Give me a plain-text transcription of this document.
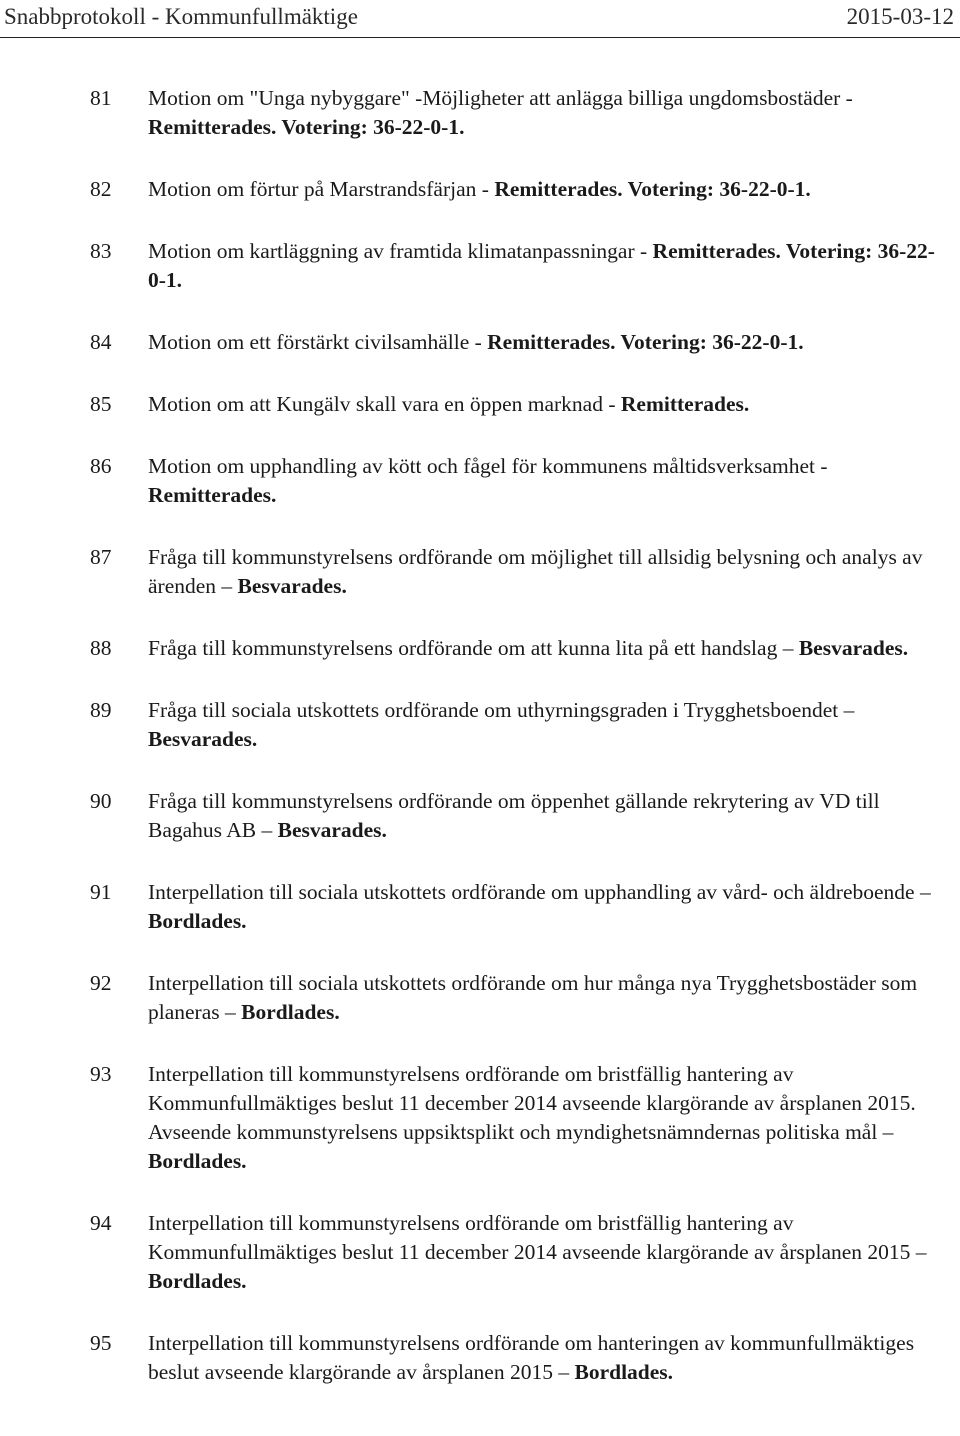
Snabbprotokoll - Kommunfullmäktige	2015-03-12
81 Motion om "Unga nybyggare" -Möjligheter att anlägga billiga ungdomsbostäder - Remitterades. Votering: 36-22-0-1.
82 Motion om förtur på Marstrandsfärjan - Remitterades. Votering: 36-22-0-1.
83 Motion om kartläggning av framtida klimatanpassningar - Remitterades. Votering: 36-22-0-1.
84 Motion om ett förstärkt civilsamhälle - Remitterades. Votering: 36-22-0-1.
85 Motion om att Kungälv skall vara en öppen marknad - Remitterades.
86 Motion om upphandling av kött och fågel för kommunens måltidsverksamhet - Remitterades.
87 Fråga till kommunstyrelsens ordförande om möjlighet till allsidig belysning och analys av ärenden – Besvarades.
88 Fråga till kommunstyrelsens ordförande om att kunna lita på ett handslag – Besvarades.
89 Fråga till sociala utskottets ordförande om uthyrningsgraden i Trygghetsboendet – Besvarades.
90 Fråga till kommunstyrelsens ordförande om öppenhet gällande rekrytering av VD till Bagahus AB – Besvarades.
91 Interpellation till sociala utskottets ordförande om upphandling av vård- och äldreboende – Bordlades.
92 Interpellation till sociala utskottets ordförande om hur många nya Trygghetsbostäder som planeras – Bordlades.
93 Interpellation till kommunstyrelsens ordförande om bristfällig hantering av Kommunfullmäktiges beslut 11 december 2014 avseende klargörande av årsplanen 2015. Avseende kommunstyrelsens uppsiktsplikt och myndighetsnämndernas politiska mål – Bordlades.
94 Interpellation till kommunstyrelsens ordförande om bristfällig hantering av Kommunfullmäktiges beslut 11 december 2014 avseende klargörande av årsplanen 2015 – Bordlades.
95 Interpellation till kommunstyrelsens ordförande om hanteringen av kommunfullmäktiges beslut avseende klargörande av årsplanen 2015 – Bordlades.
